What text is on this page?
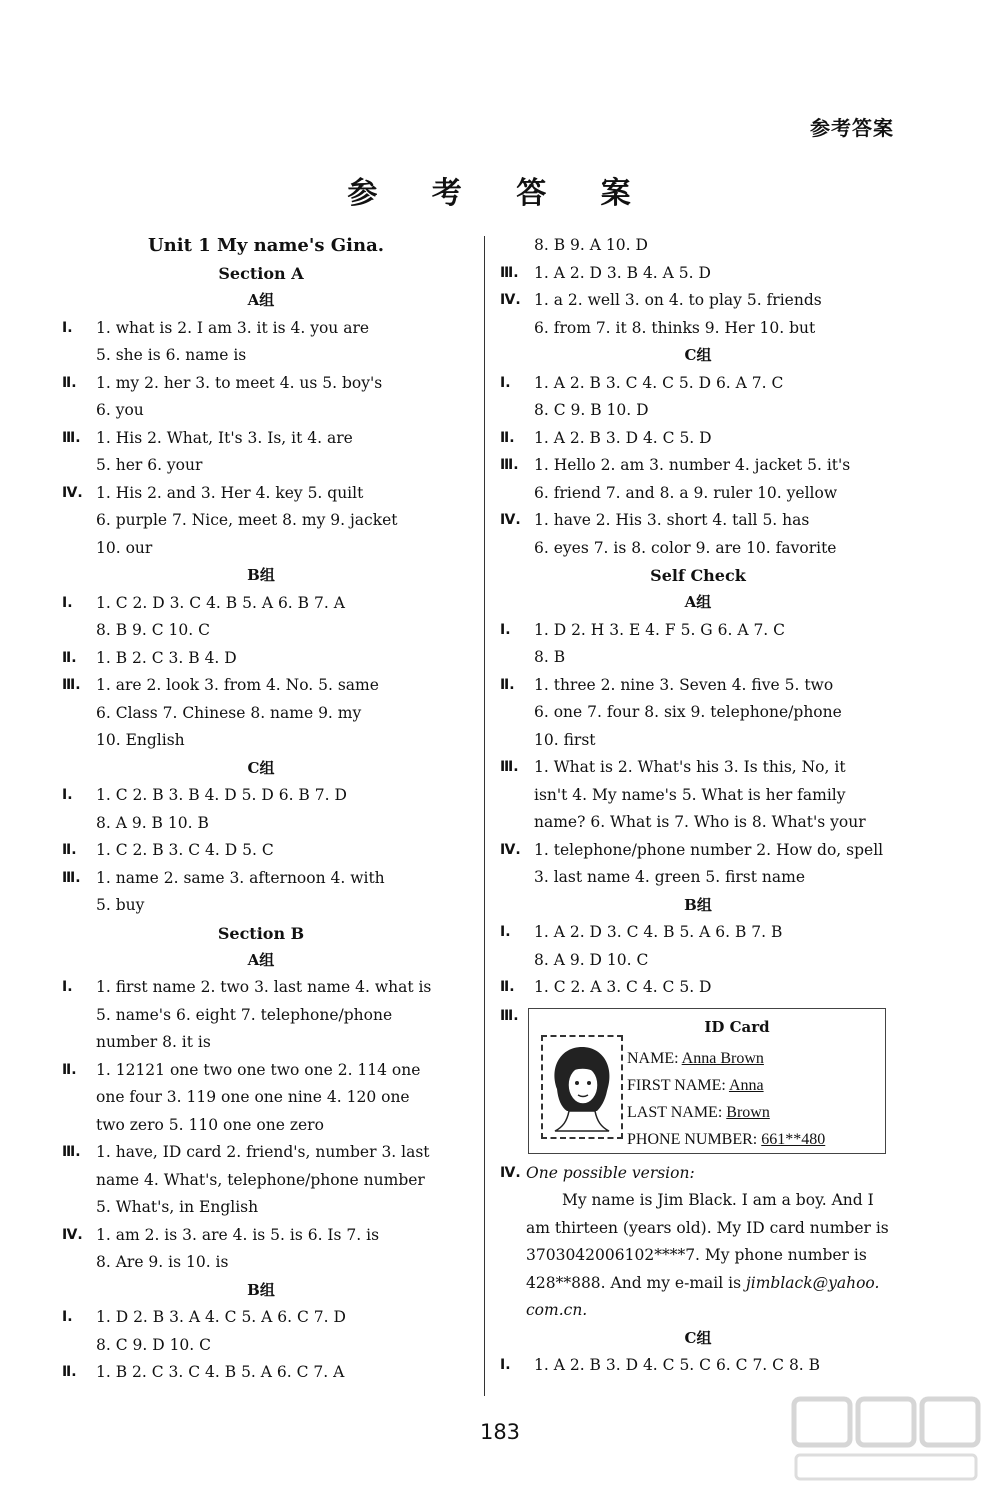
参考答案
参 考 答 案
Unit 1 My name's Gina.
Section A
A组
Ⅰ.	1. what is 2. I am 3. it is 4. you are
5. she is 6. name is
Ⅱ.	1. my 2. her 3. to meet 4. us 5. boy's
6. you
Ⅲ. 1. His 2. What, It's 3. Is, it 4. are
5. her 6. your
Ⅳ. 1. His 2. and 3. Her 4. key 5. quilt
6. purple 7. Nice, meet 8. my 9. jacket
10. our
B组
Ⅰ.	1. C 2. D 3. C 4. B 5. A 6. B 7. A
8. B 9. C 10. C
Ⅱ.	1. B 2. C 3. B 4. D
Ⅲ. 1. are 2. look 3. from 4. No. 5. same
6. Class 7. Chinese 8. name 9. my
10. English
C组
Ⅰ.	1. C 2. B 3. B 4. D 5. D 6. B 7. D
8. A 9. B 10. B
Ⅱ.	1. C 2. B 3. C 4. D 5. C
Ⅲ. 1. name 2. same 3. afternoon 4. with
5. buy
Section B
A组
Ⅰ.	1. first name 2. two 3. last name 4. what is
5. name's 6. eight 7. telephone/phone
number 8. it is
Ⅱ.	1. 12121 one two one two one 2. 114 one
one four 3. 119 one one nine 4. 120 one
two zero 5. 110 one one zero
Ⅲ. 1. have, ID card 2. friend's, number 3. last
name 4. What's, telephone/phone number
5. What's, in English
Ⅳ. 1. am 2. is 3. are 4. is 5. is 6. Is 7. is
8. Are 9. is 10. is
B组
Ⅰ.	1. D 2. B 3. A 4. C 5. A 6. C 7. D
8. C 9. D 10. C
Ⅱ.	1. B 2. C 3. C 4. B 5. A 6. C 7. A
8. B 9. A 10. D
Ⅲ. 1. A 2. D 3. B 4. A 5. D
Ⅳ. 1. a 2. well 3. on 4. to play 5. friends
6. from 7. it 8. thinks 9. Her 10. but
C组
Ⅰ.	1. A 2. B 3. C 4. C 5. D 6. A 7. C
8. C 9. B 10. D
Ⅱ.	1. A 2. B 3. D 4. C 5. D
Ⅲ. 1. Hello 2. am 3. number 4. jacket 5. it's
6. friend 7. and 8. a 9. ruler 10. yellow
Ⅳ. 1. have 2. His 3. short 4. tall 5. has
6. eyes 7. is 8. color 9. are 10. favorite
Self Check
A组
Ⅰ.	1. D 2. H 3. E 4. F 5. G 6. A 7. C
8. B
Ⅱ.	1. three 2. nine 3. Seven 4. five 5. two
6. one 7. four 8. six 9. telephone/phone
10. first
Ⅲ. 1. What is 2. What's his 3. Is this, No, it
isn't 4. My name's 5. What is her family
name? 6. What is 7. Who is 8. What's your
Ⅳ. 1. telephone/phone number 2. How do, spell
3. last name 4. green 5. first name
B组
Ⅰ.	1. A 2. D 3. C 4. B 5. A 6. B 7. B
8. A 9. D 10. C
Ⅱ.	1. C 2. A 3. C 4. C 5. D
Ⅲ.
ID Card
NAME: Anna Brown
FIRST NAME: Anna
LAST NAME: Brown
PHONE NUMBER: 661**480
Ⅳ. One possible version:
My name is Jim Black. I am a boy. And I
am thirteen (years old). My ID card number is
3703042006102****7. My phone number is
428**888. And my e-mail is jimblack@yahoo.
com.cn.
C组
Ⅰ.	1. A 2. B 3. D 4. C 5. C 6. C 7. C 8. B
183
